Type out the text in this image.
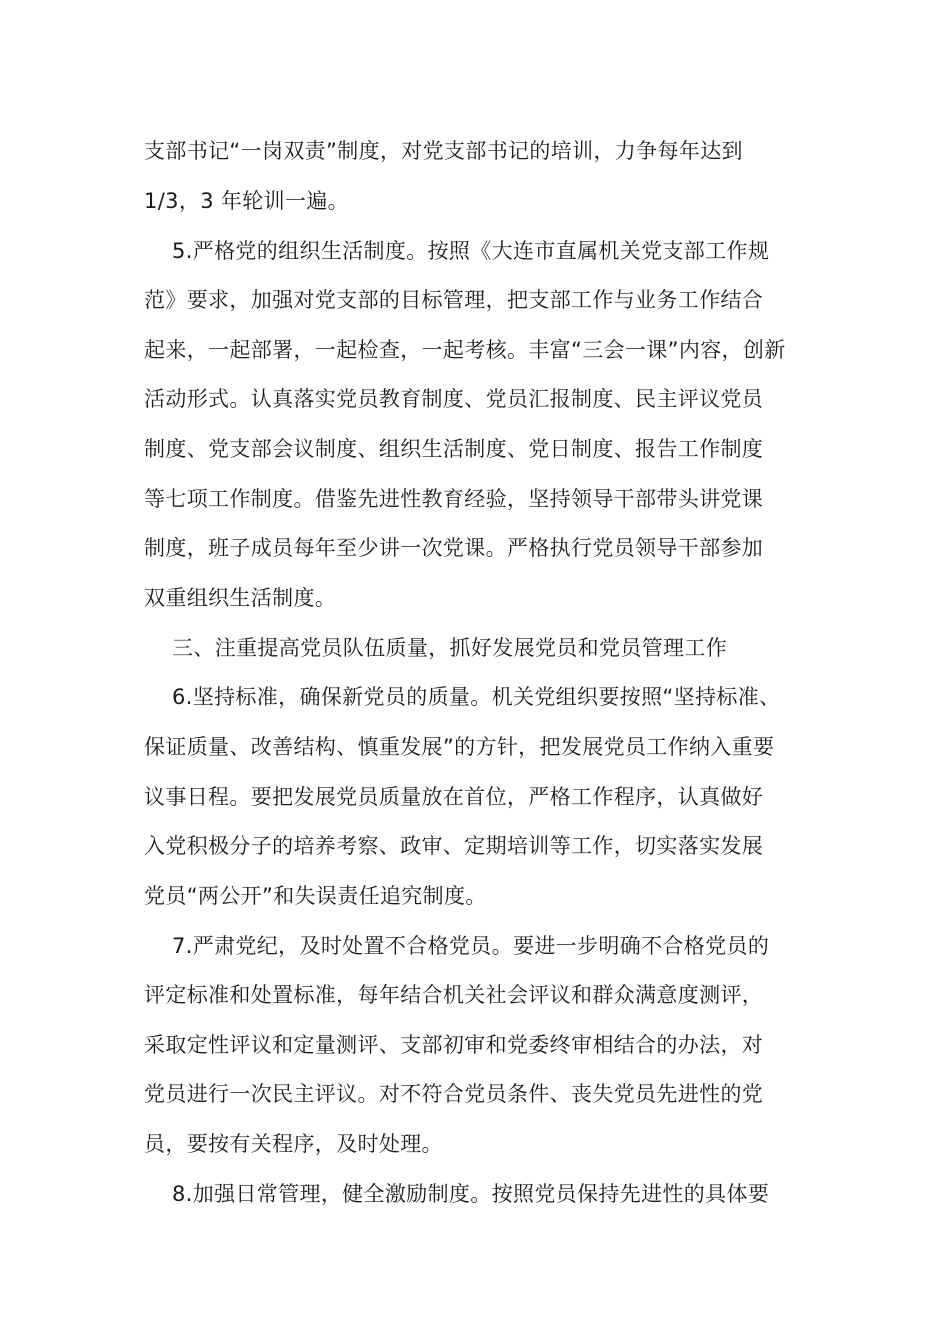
支部书记“一岗双责”制度，对党支部书记的培训，力争每年达到
1/3，3 年轮训一遍。
5.严格党的组织生活制度。按照《大连市直属机关党支部工作规
范》要求，加强对党支部的目标管理，把支部工作与业务工作结合
起来，一起部署，一起检查，一起考核。丰富“三会一课”内容，创新
活动形式。认真落实党员教育制度、党员汇报制度、民主评议党员
制度、党支部会议制度、组织生活制度、党日制度、报告工作制度
等七项工作制度。借鉴先进性教育经验，坚持领导干部带头讲党课
制度，班子成员每年至少讲一次党课。严格执行党员领导干部参加
双重组织生活制度。
三、注重提高党员队伍质量，抓好发展党员和党员管理工作
6.坚持标准，确保新党员的质量。机关党组织要按照“坚持标准、
保证质量、改善结构、慎重发展”的方针，把发展党员工作纳入重要
议事日程。要把发展党员质量放在首位，严格工作程序，认真做好
入党积极分子的培养考察、政审、定期培训等工作，切实落实发展
党员“两公开”和失误责任追究制度。
7.严肃党纪，及时处置不合格党员。要进一步明确不合格党员的
评定标准和处置标准，每年结合机关社会评议和群众满意度测评，
采取定性评议和定量测评、支部初审和党委终审相结合的办法，对
党员进行一次民主评议。对不符合党员条件、丧失党员先进性的党
员，要按有关程序，及时处理。
8.加强日常管理，健全激励制度。按照党员保持先进性的具体要
